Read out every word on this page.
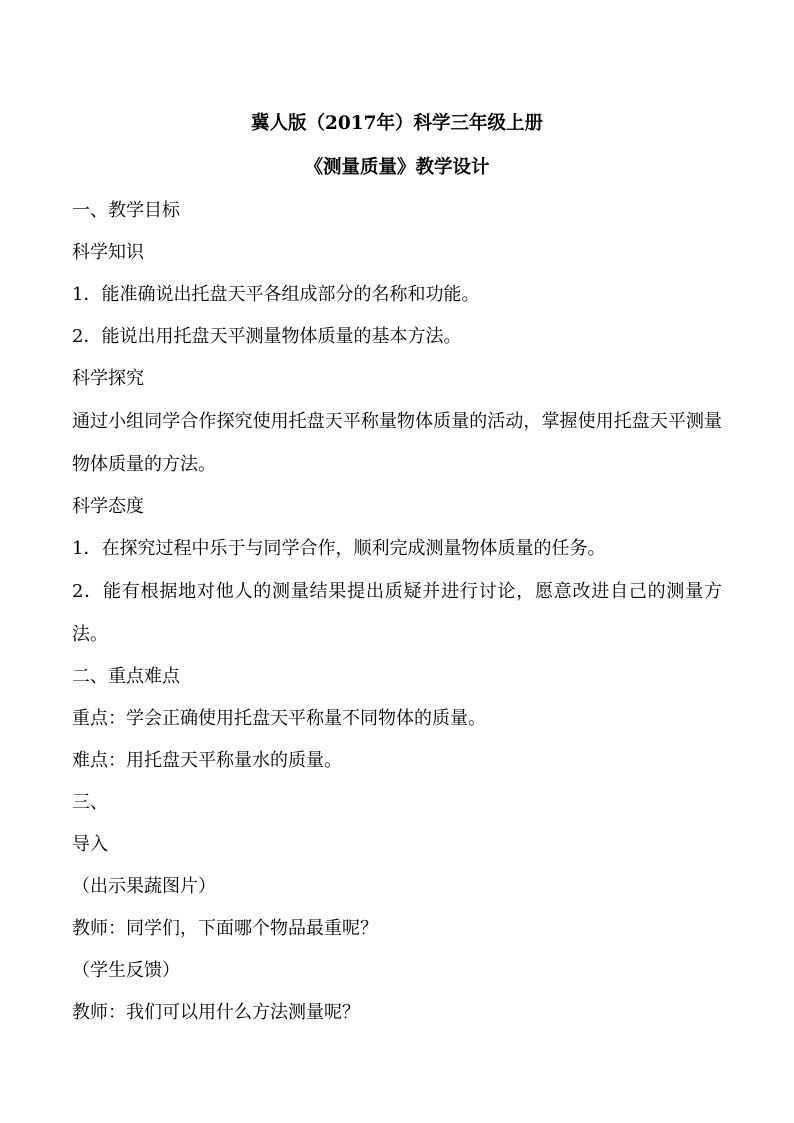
冀人版（2017年）科学三年级上册

《测量质量》教学设计

一、教学目标

科学知识

1．能准确说出托盘天平各组成部分的名称和功能。

2．能说出用托盘天平测量物体质量的基本方法。

科学探究

通过小组同学合作探究使用托盘天平称量物体质量的活动，掌握使用托盘天平测量物体质量的方法。

科学态度

1．在探究过程中乐于与同学合作，顺利完成测量物体质量的任务。

2．能有根据地对他人的测量结果提出质疑并进行讨论，愿意改进自己的测量方法。

二、重点难点

重点：学会正确使用托盘天平称量不同物体的质量。

难点：用托盘天平称量水的质量。

三、

导入

（出示果蔬图片）

教师：同学们，下面哪个物品最重呢？

（学生反馈）

教师：我们可以用什么方法测量呢？
